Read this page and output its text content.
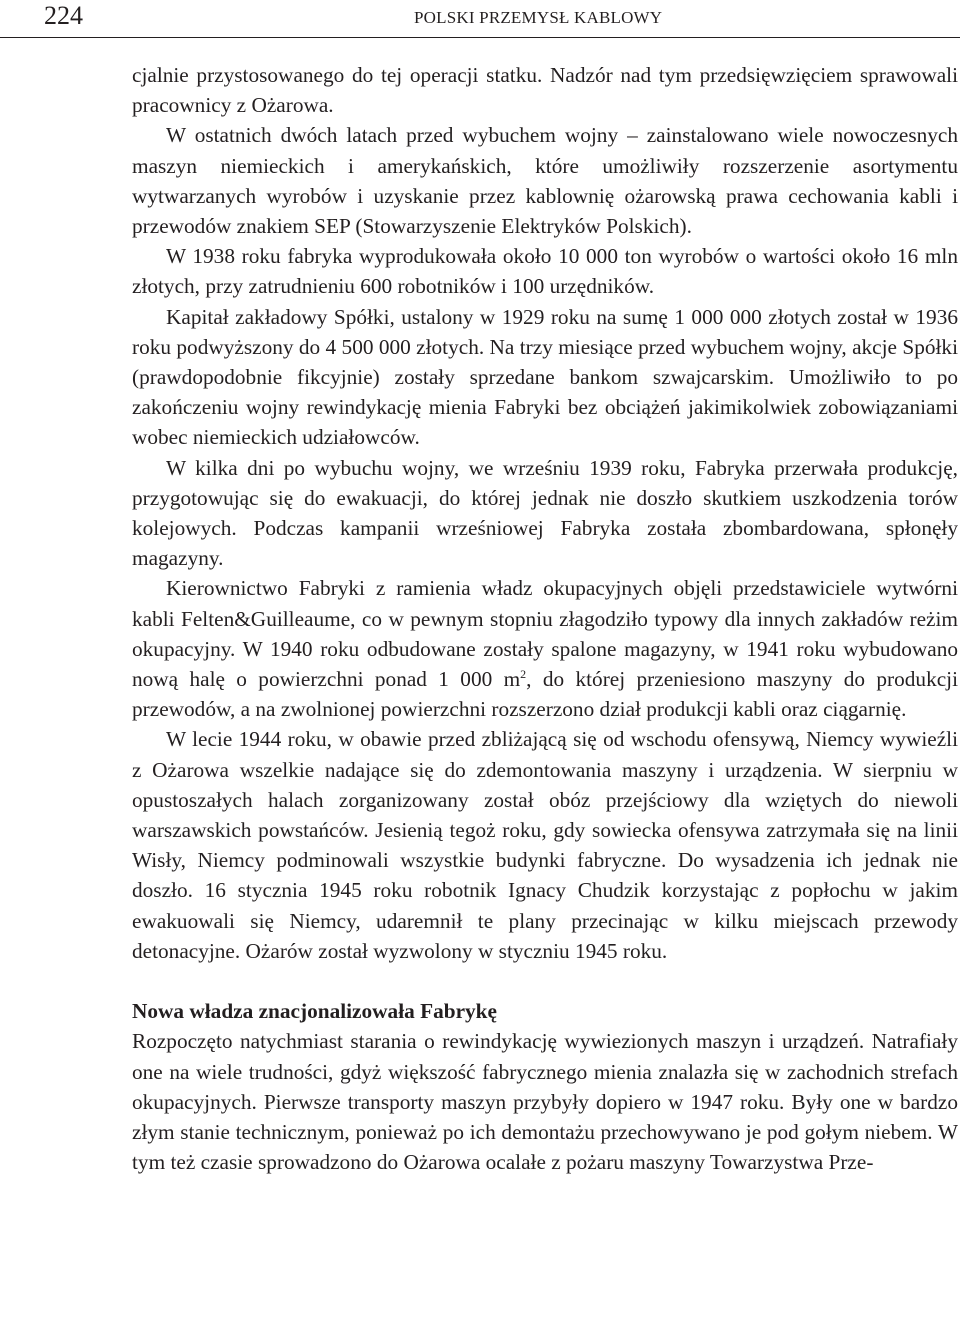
224	POLSKI PRZEMYSŁ KABLOWY

cjalnie przystosowanego do tej operacji statku. Nadzór nad tym przedsięwzięciem sprawowali pracownicy z Ożarowa.

W ostatnich dwóch latach przed wybuchem wojny – zainstalowano wiele nowoczesnych maszyn niemieckich i amerykańskich, które umożliwiły rozszerzenie asortymentu wytwarzanych wyrobów i uzyskanie przez kablownię ożarowską prawa cechowania kabli i przewodów znakiem SEP (Stowarzyszenie Elektryków Polskich).

W 1938 roku fabryka wyprodukowała około 10 000 ton wyrobów o wartości około 16 mln złotych, przy zatrudnieniu 600 robotników i 100 urzędników.

Kapitał zakładowy Spółki, ustalony w 1929 roku na sumę 1 000 000 złotych został w 1936 roku podwyższony do 4 500 000 złotych. Na trzy miesiące przed wybuchem wojny, akcje Spółki (prawdopodobnie fikcyjnie) zostały sprzedane bankom szwajcarskim. Umożliwiło to po zakończeniu wojny rewindykację mienia Fabryki bez obciążeń jakimikolwiek zobowiązaniami wobec niemieckich udziałowców.

W kilka dni po wybuchu wojny, we wrześniu 1939 roku, Fabryka przerwała produkcję, przygotowując się do ewakuacji, do której jednak nie doszło skutkiem uszkodzenia torów kolejowych. Podczas kampanii wrześniowej Fabryka została zbombardowana, spłonęły magazyny.

Kierownictwo Fabryki z ramienia władz okupacyjnych objęli przedstawiciele wytwórni kabli Felten&Guilleaume, co w pewnym stopniu złagodziło typowy dla innych zakładów reżim okupacyjny. W 1940 roku odbudowane zostały spalone magazyny, w 1941 roku wybudowano nową halę o powierzchni ponad 1 000 $m^2$, do której przeniesiono maszyny do produkcji przewodów, a na zwolnionej powierzchni rozszerzono dział produkcji kabli oraz ciągarnię.

W lecie 1944 roku, w obawie przed zbliżającą się od wschodu ofensywą, Niemcy wywieźli z Ożarowa wszelkie nadające się do zdemontowania maszyny i urządzenia. W sierpniu w opustoszałych halach zorganizowany został obóz przejściowy dla wziętych do niewoli warszawskich powstańców. Jesienią tegoż roku, gdy sowiecka ofensywa zatrzymała się na linii Wisły, Niemcy podminowali wszystkie budynki fabryczne. Do wysadzenia ich jednak nie doszło. 16 stycznia 1945 roku robotnik Ignacy Chudzik korzystając z popłochu w jakim ewakuowali się Niemcy, udaremnił te plany przecinając w kilku miejscach przewody detonacyjne. Ożarów został wyzwolony w styczniu 1945 roku.

Nowa władza znacjonalizowała Fabrykę

Rozpoczęto natychmiast starania o rewindykację wywiezionych maszyn i urządzeń. Natrafiały one na wiele trudności, gdyż większość fabrycznego mienia znalazła się w zachodnich strefach okupacyjnych. Pierwsze transporty maszyn przybyły dopiero w 1947 roku. Były one w bardzo złym stanie technicznym, ponieważ po ich demontażu przechowywano je pod gołym niebem. W tym też czasie sprowadzono do Ożarowa ocalałe z pożaru maszyny Towarzystwa Prze-
